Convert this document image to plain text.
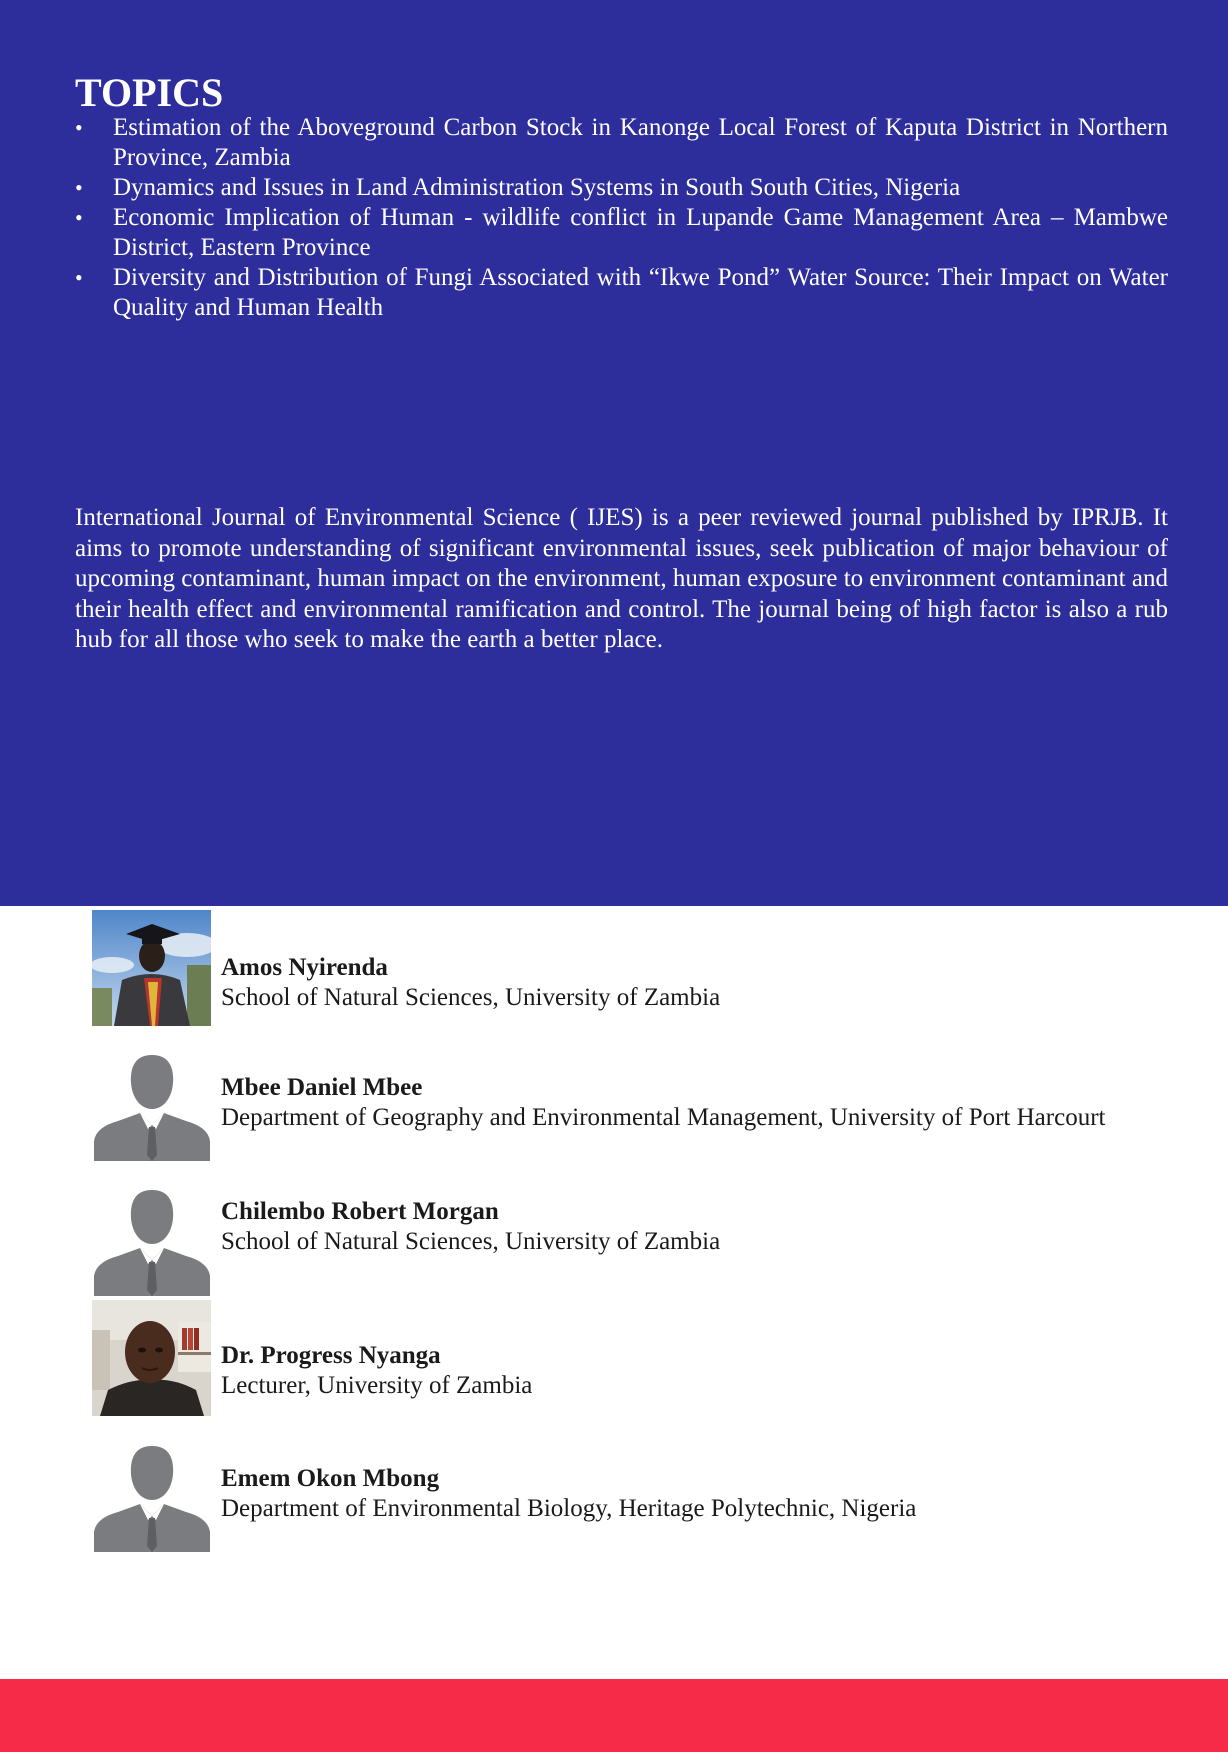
TOPICS
• Estimation of the Aboveground Carbon Stock in Kanonge Local Forest of Kaputa District in Northern Province, Zambia
• Dynamics and Issues in Land Administration Systems in South South Cities, Nigeria
• Economic Implication of Human - wildlife conflict in Lupande Game Management Area – Mambwe District, Eastern Province
• Diversity and Distribution of Fungi Associated with “Ikwe Pond” Water Source: Their Impact on Water Quality and Human Health

International Journal of Environmental Science ( IJES) is a peer reviewed journal published by IPRJB. It aims to promote understanding of significant environmental issues, seek publication of major behaviour of upcoming contaminant, human impact on the environment, human exposure to environment contaminant and their health effect and environmental ramification and control. The journal being of high factor is also a rub hub for all those who seek to make the earth a better place.

Amos Nyirenda
School of Natural Sciences, University of Zambia
Mbee Daniel Mbee
Department of Geography and Environmental Management, University of Port Harcourt
Chilembo Robert Morgan
School of Natural Sciences, University of Zambia
Dr. Progress Nyanga
Lecturer, University of Zambia
Emem Okon Mbong
Department of Environmental Biology, Heritage Polytechnic, Nigeria
